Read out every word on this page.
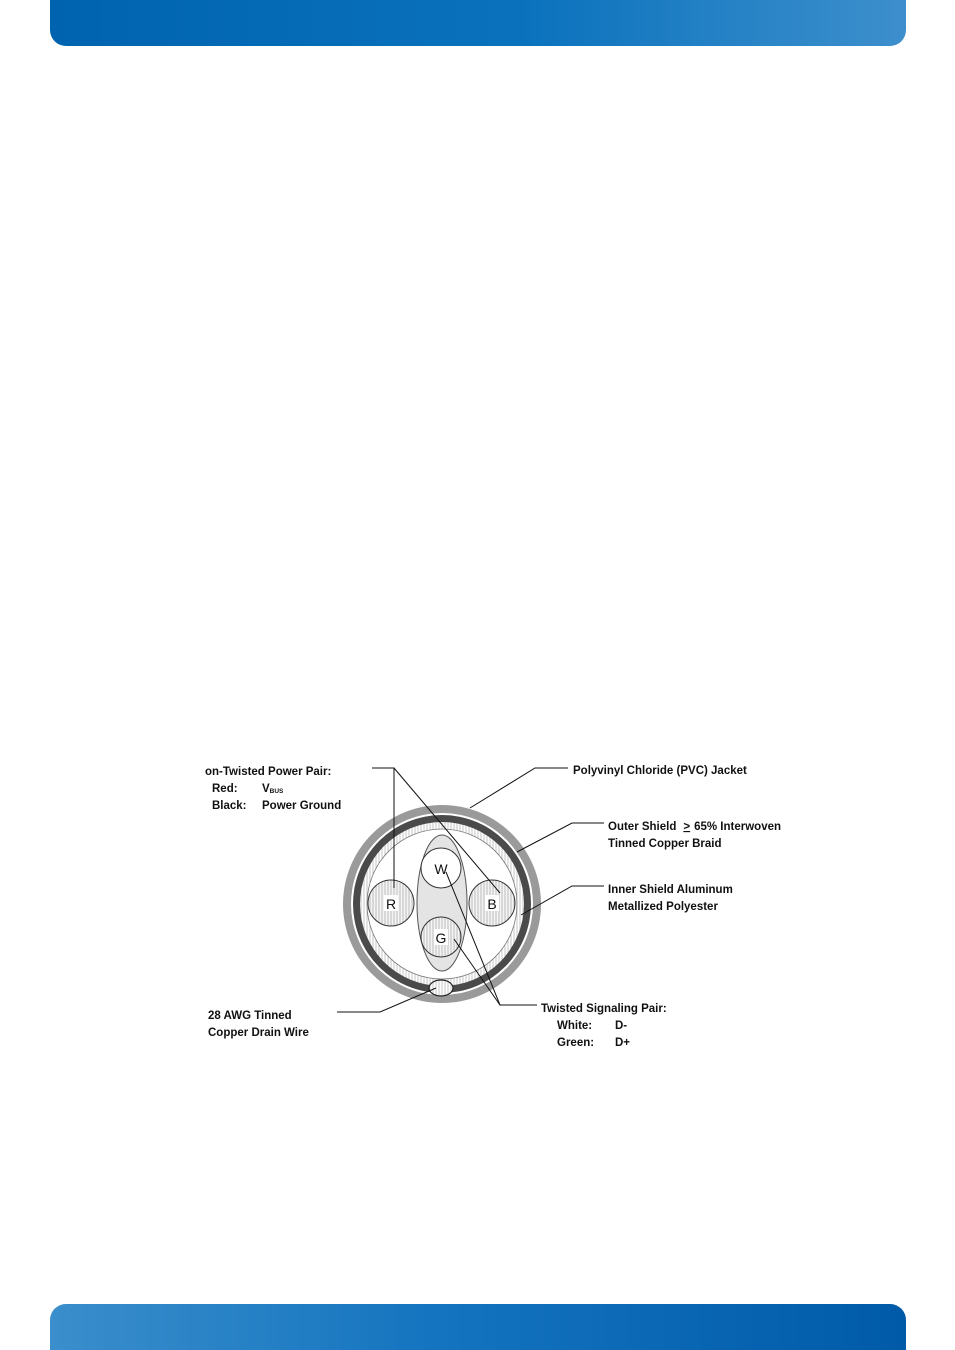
R	B
W
G
on-Twisted Power Pair:
Red: VBUS
Black: Power Ground
Polyvinyl Chloride (PVC) Jacket
Outer Shield > 65% Interwoven
Tinned Copper Braid
Inner Shield Aluminum
Metallized Polyester
28 AWG Tinned
Copper Drain Wire
Twisted Signaling Pair:
White: D-
Green: D+
